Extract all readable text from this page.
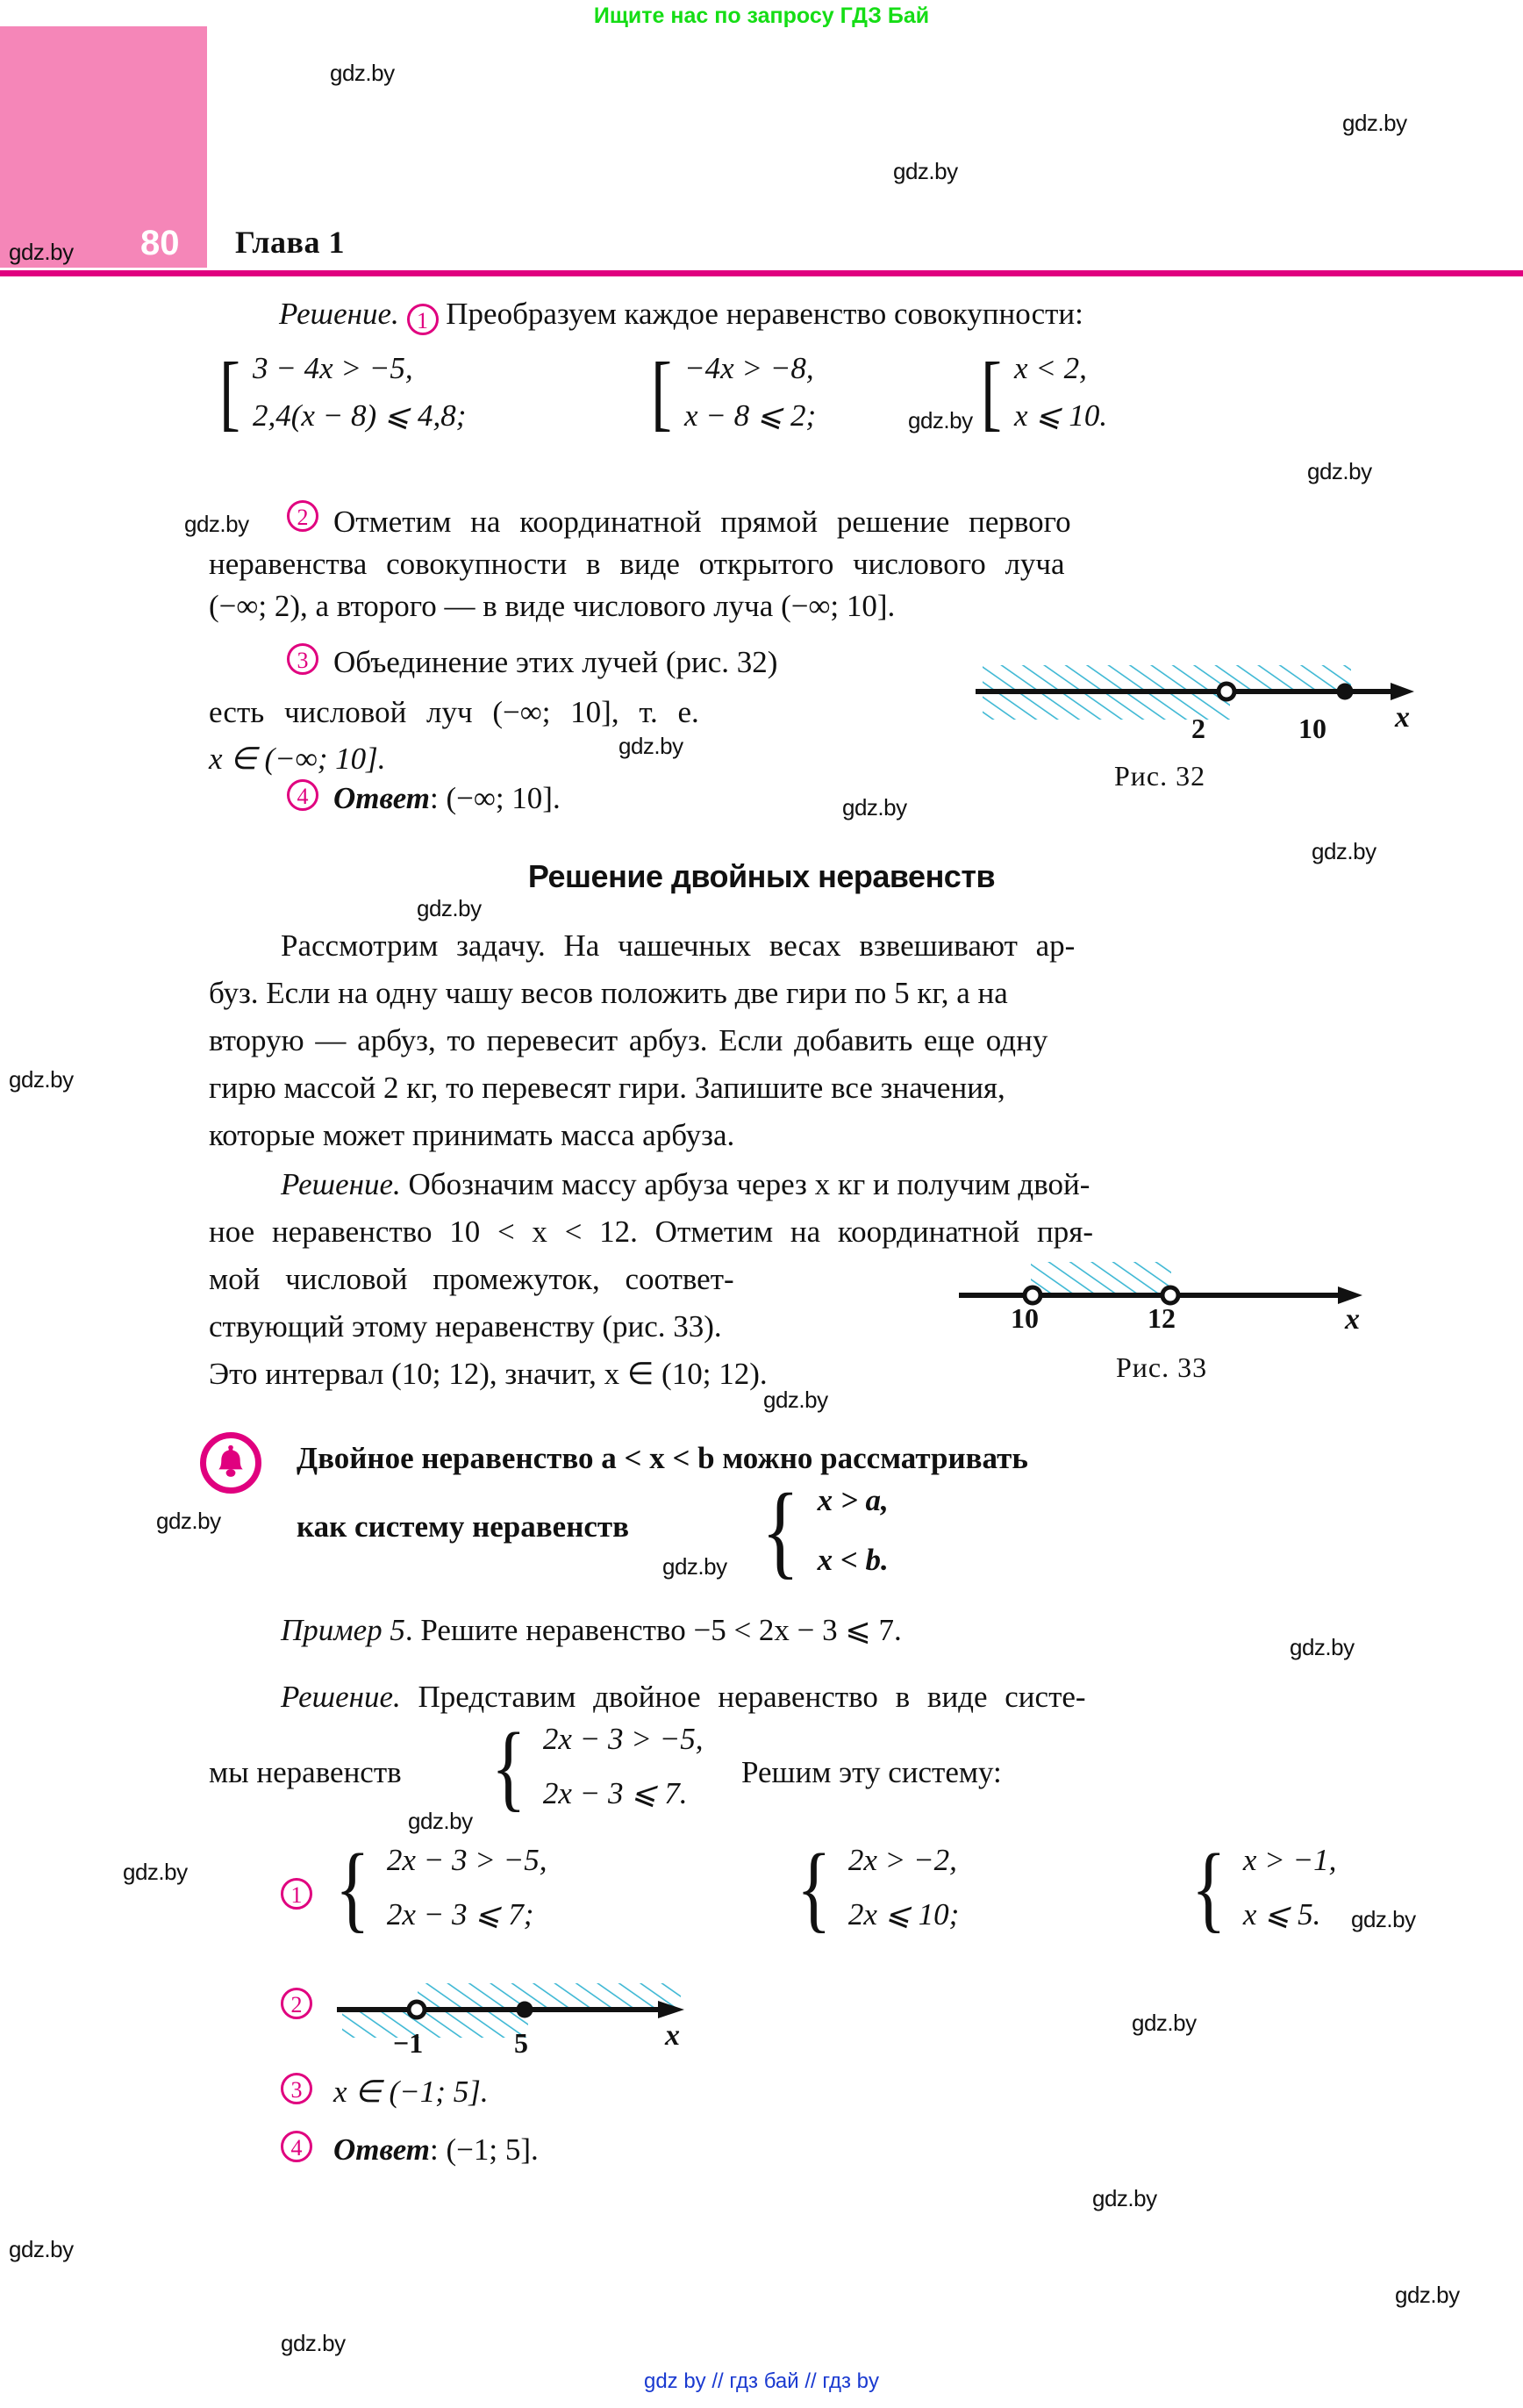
Ищите нас по запросу ГДЗ Бай
80 Глава 1
Решение. 1 Преобразуем каждое неравенство совокупности:
[ 3 − 4x > −5,
2,4(x − 8) ⩽ 4,8; [ −4x > −8,
x − 8 ⩽ 2; [ x < 2,
x ⩽ 10.
2 Отметим на координатной прямой решение первого
неравенства совокупности в виде открытого числового луча
(−∞; 2), а второго — в виде числового луча (−∞; 10].
3 Объединение этих лучей (рис. 32)
есть числовой луч (−∞; 10], т. е.
x ∈ (−∞; 10].
4 Ответ: (−∞; 10].
x
2	10
Рис. 32
Решение двойных неравенств
Рассмотрим задачу. На чашечных весах взвешивают ар-
буз. Если на одну чашу весов положить две гири по 5 кг, а на
вторую — арбуз, то перевесит арбуз. Если добавить еще одну
гирю массой 2 кг, то перевесят гири. Запишите все значения,
которые может принимать масса арбуза.
Решение. Обозначим массу арбуза через x кг и получим двой-
ное неравенство 10 < x < 12. Отметим на координатной пря-
мой числовой промежуток, соответ-
ствующий этому неравенству (рис. 33).
Это интервал (10; 12), значит, x ∈ (10; 12).
x
10	12
Рис. 33
Двойное неравенство a < x < b можно рассматривать
как систему неравенств { x > a,
x < b.
Пример 5. Решите неравенство −5 < 2x − 3 ⩽ 7.
Решение. Представим двойное неравенство в виде систе-
мы неравенств { 2x − 3 > −5,
2x − 3 ⩽ 7.
Решим эту систему:
1 { 2x − 3 > −5,
2x − 3 ⩽ 7;	{ 2x > −2,
2x ⩽ 10; { x > −1,
x ⩽ 5.
2
x
−1	5
3	x ∈ (−1; 5].
4	Ответ: (−1; 5].
gdz by // гдз бай // гдз by
gdz.by
gdz.by
gdz.by
gdz.by
gdz.by
gdz.by
gdz.by
gdz.by
gdz.by
gdz.by
gdz.by
gdz.by
gdz.by
gdz.by
gdz.by
gdz.by
gdz.by
gdz.by
gdz.by
gdz.by
gdz.by
gdz.by
gdz.by
gdz.by
